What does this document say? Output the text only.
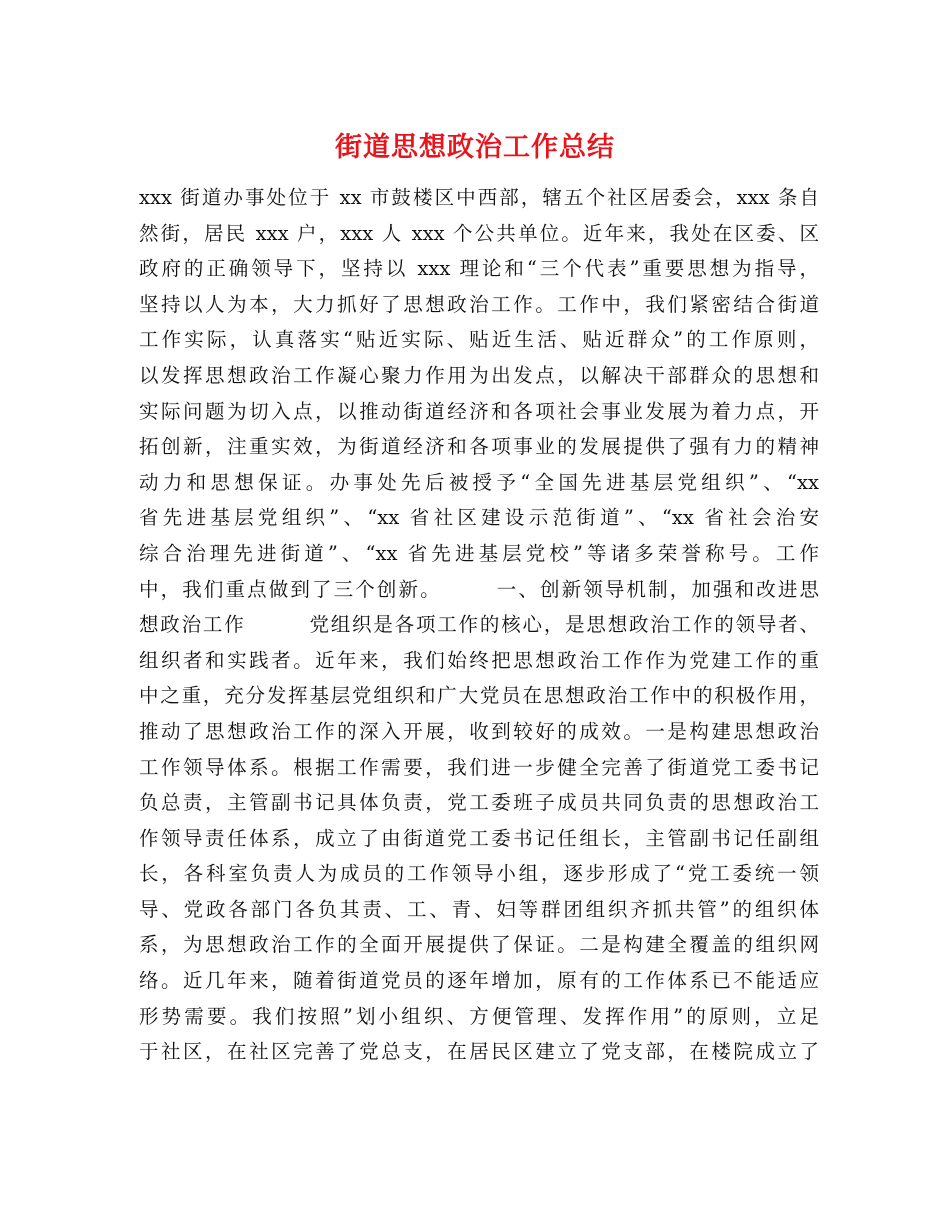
街道思想政治工作总结
xxx 街道办事处位于 xx 市鼓楼区中西部，辖五个社区居委会，xxx 条自
然街，居民 xxx 户，xxx 人 xxx 个公共单位。近年来，我处在区委、区
政府的正确领导下，坚持以 xxx 理论和“三个代表”重要思想为指导，
坚持以人为本，大力抓好了思想政治工作。工作中，我们紧密结合街道
工作实际，认真落实“贴近实际、贴近生活、贴近群众”的工作原则，
以发挥思想政治工作凝心聚力作用为出发点，以解决干部群众的思想和
实际问题为切入点，以推动街道经济和各项社会事业发展为着力点，开
拓创新，注重实效，为街道经济和各项事业的发展提供了强有力的精神
动力和思想保证。办事处先后被授予“全国先进基层党组织”、“xx
省先进基层党组织”、“xx 省社区建设示范街道”、“xx 省社会治安
综合治理先进街道”、“xx 省先进基层党校”等诸多荣誉称号。工作
中，我们重点做到了三个创新。　　　一、创新领导机制，加强和改进思
想政治工作　　　党组织是各项工作的核心，是思想政治工作的领导者、
组织者和实践者。近年来，我们始终把思想政治工作作为党建工作的重
中之重，充分发挥基层党组织和广大党员在思想政治工作中的积极作用，
推动了思想政治工作的深入开展，收到较好的成效。一是构建思想政治
工作领导体系。根据工作需要，我们进一步健全完善了街道党工委书记
负总责，主管副书记具体负责，党工委班子成员共同负责的思想政治工
作领导责任体系，成立了由街道党工委书记任组长，主管副书记任副组
长，各科室负责人为成员的工作领导小组，逐步形成了“党工委统一领
导、党政各部门各负其责、工、青、妇等群团组织齐抓共管”的组织体
系，为思想政治工作的全面开展提供了保证。二是构建全覆盖的组织网
络。近几年来，随着街道党员的逐年增加，原有的工作体系已不能适应
形势需要。我们按照”划小组织、方便管理、发挥作用”的原则，立足
于社区，在社区完善了党总支，在居民区建立了党支部，在楼院成立了
